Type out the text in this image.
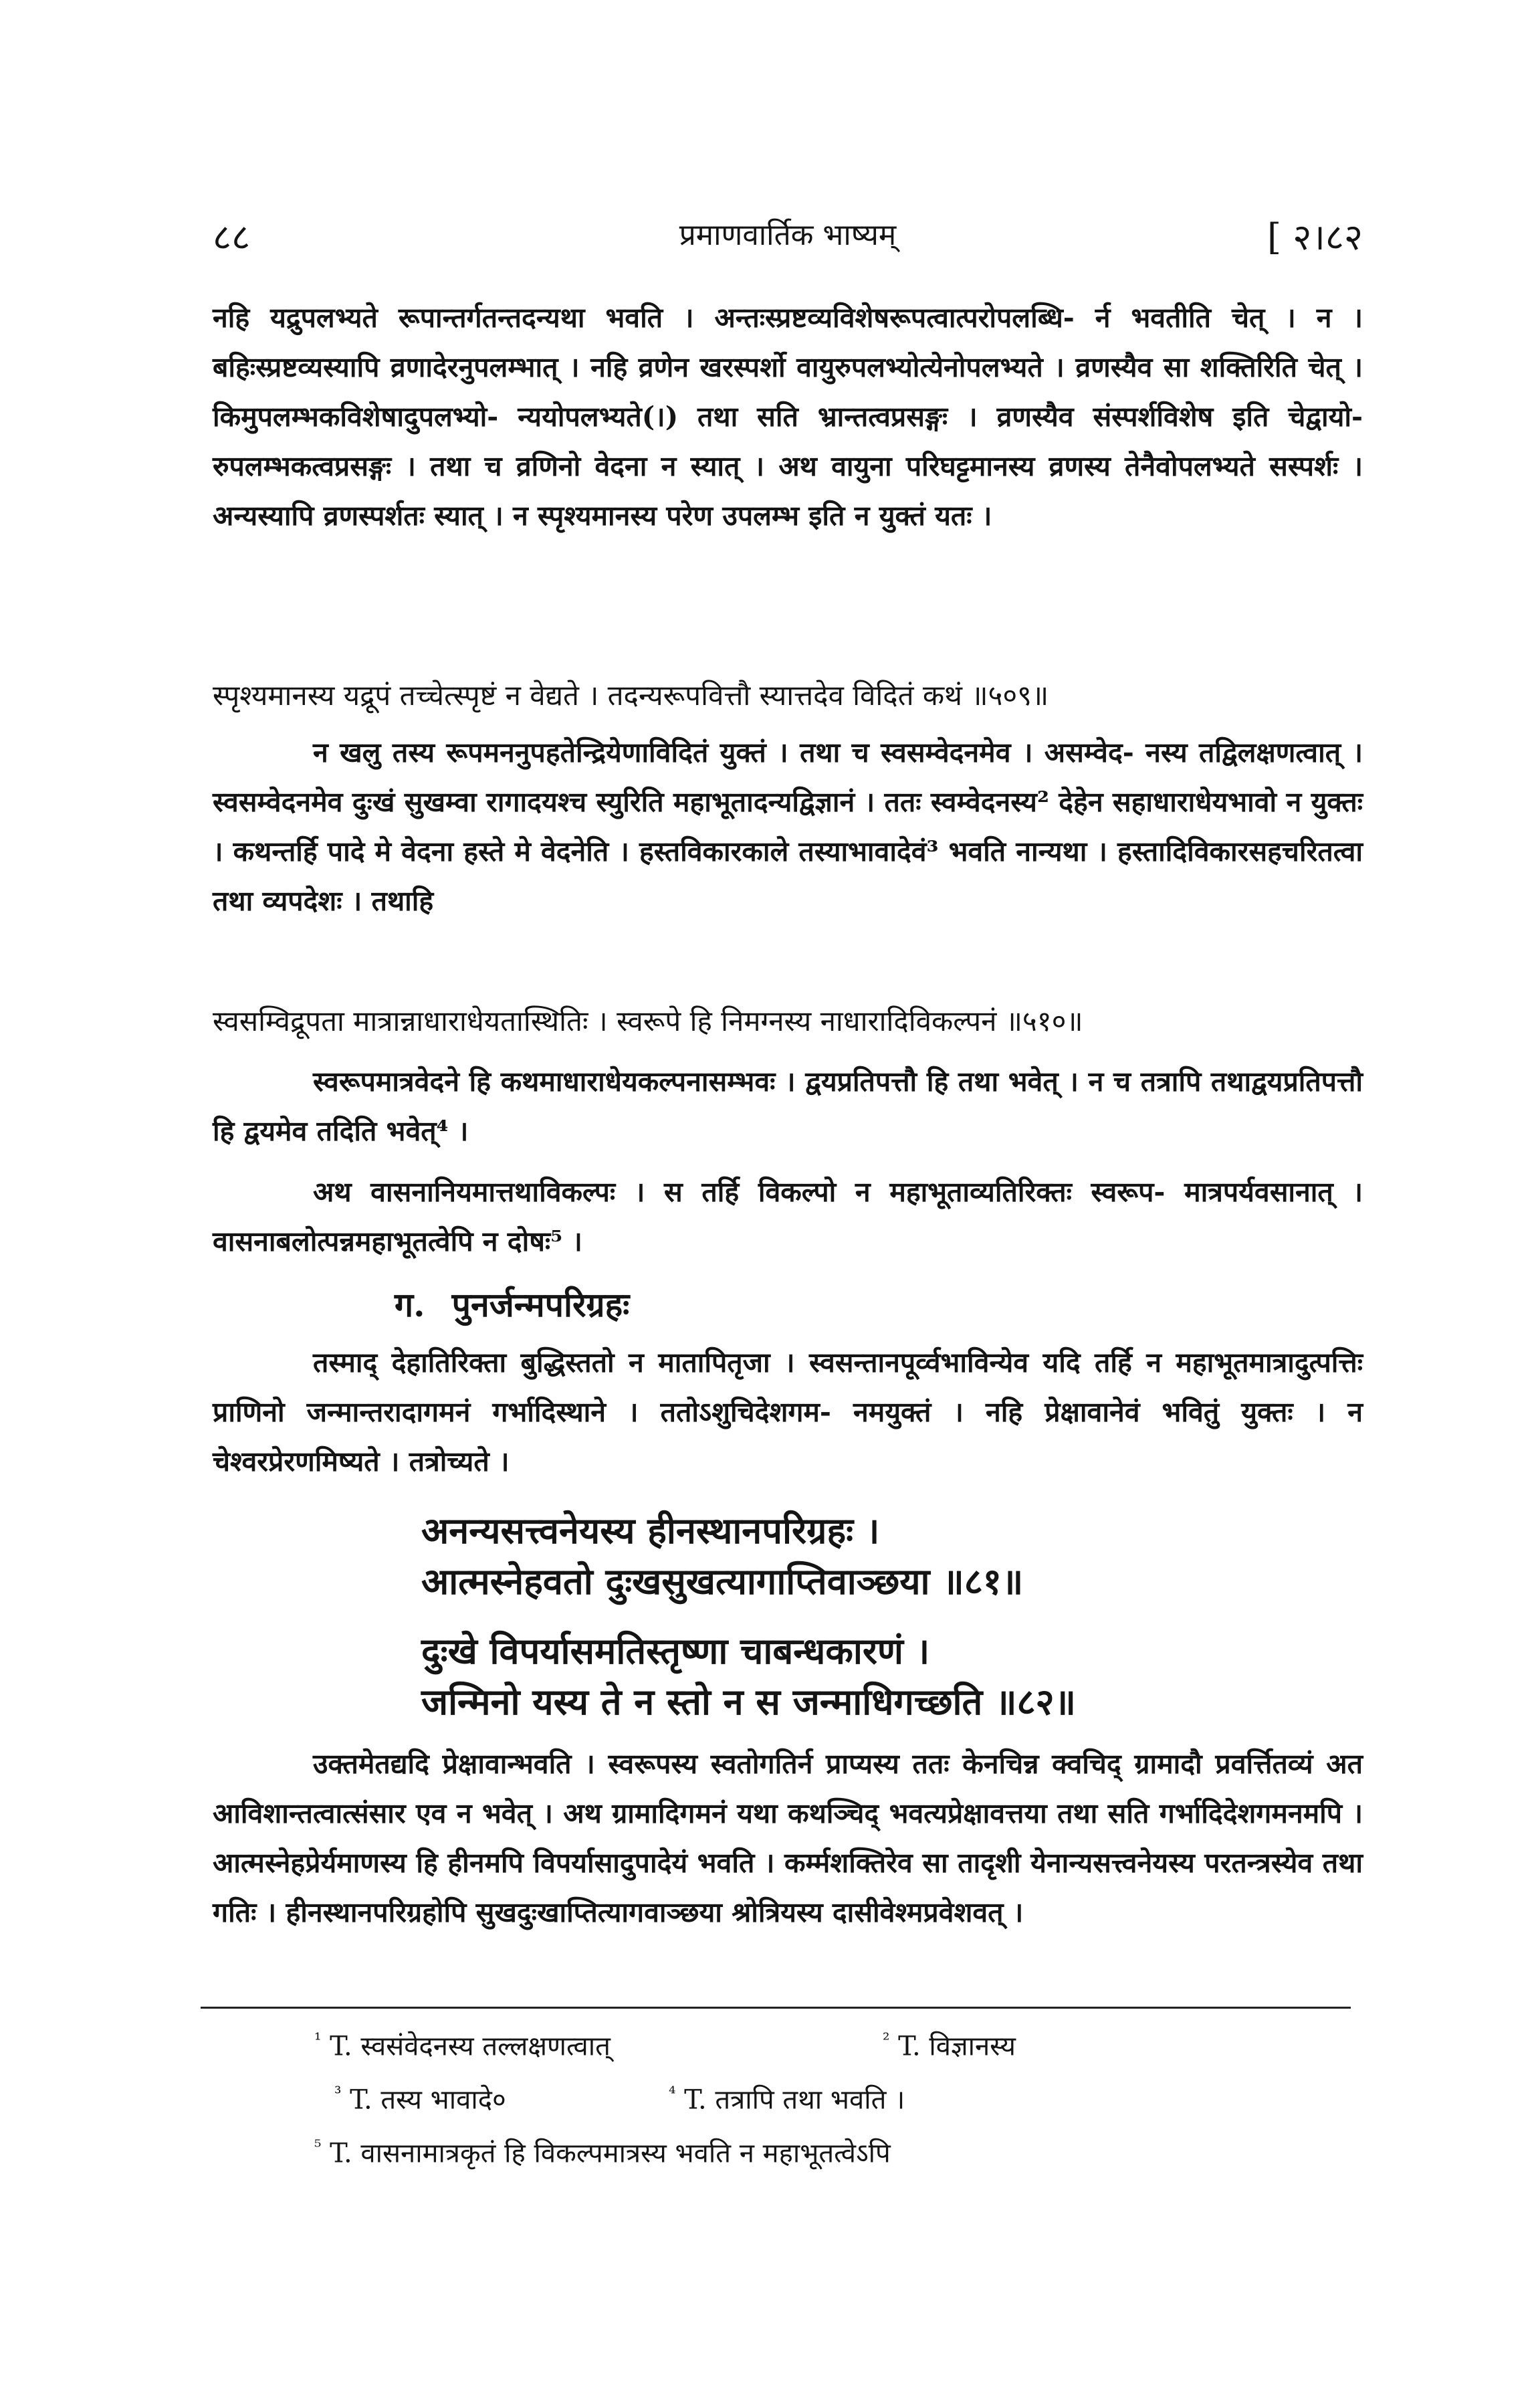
८८	प्रमाणवार्तिक भाष्यम्	[ २।८२
नहि यद्रुपलभ्यते रूपान्तर्गतन्तदन्यथा भवति । अन्तःस्प्रष्टव्यविशेषरूपत्वात्परोपलब्धि- र्न भवतीति चेत् । न । बहिःस्प्रष्टव्यस्यापि व्रणादेरनुपलम्भात् । नहि व्रणेन खरस्पर्शो वायुरुपलभ्योत्येनोपलभ्यते । व्रणस्यैव सा शक्तिरिति चेत् । किमुपलम्भकविशेषादुपलभ्यो- न्ययोपलभ्यते(।) तथा सति भ्रान्तत्वप्रसङ्गः । व्रणस्यैव संस्पर्शविशेष इति चेद्वायो- रुपलम्भकत्वप्रसङ्गः । तथा च व्रणिनो वेदना न स्यात् । अथ वायुना परिघट्टमानस्य व्रणस्य तेनैवोपलभ्यते सस्पर्शः । अन्यस्यापि व्रणस्पर्शतः स्यात् । न स्पृश्यमानस्य परेण उपलम्भ इति न युक्तं यतः ।
स्पृश्यमानस्य यद्रूपं तच्चेत्स्पृष्टं न वेद्यते । तदन्यरूपवित्तौ स्यात्तदेव विदितं कथं ॥५०९॥
न खलु तस्य रूपमननुपहतेन्द्रियेणाविदितं युक्तं । तथा च स्वसम्वेदनमेव । असम्वेद- नस्य तद्विलक्षणत्वात् । स्वसम्वेदनमेव दुःखं सुखम्वा रागादयश्च स्युरिति महाभूतादन्यद्विज्ञानं । ततः स्वम्वेदनस्य² देहेन सहाधाराधेयभावो न युक्तः । कथन्तर्हि पादे मे वेदना हस्ते मे वेदनेति । हस्तविकारकाले तस्याभावादेवं³ भवति नान्यथा । हस्तादिविकारसहचरितत्वा तथा व्यपदेशः । तथाहि
स्वसम्विद्रूपता मात्रान्नाधाराधेयतास्थितिः । स्वरूपे हि निमग्नस्य नाधारादिविकल्पनं ॥५१०॥
स्वरूपमात्रवेदने हि कथमाधाराधेयकल्पनासम्भवः । द्वयप्रतिपत्तौ हि तथा भवेत् । न च तत्रापि तथाद्वयप्रतिपत्तौ हि द्वयमेव तदिति भवेत्⁴ ।
अथ वासनानियमात्तथाविकल्पः । स तर्हि विकल्पो न महाभूताव्यतिरिक्तः स्वरूप- मात्रपर्यवसानात् । वासनाबलोत्पन्नमहाभूतत्वेपि न दोषः⁵ ।
ग. पुनर्जन्मपरिग्रहः
तस्माद् देहातिरिक्ता बुद्धिस्ततो न मातापितृजा । स्वसन्तानपूर्व्वभाविन्येव यदि तर्हि न महाभूतमात्रादुत्पत्तिः प्राणिनो जन्मान्तरादागमनं गर्भादिस्थाने । ततोऽशुचिदेशगम- नमयुक्तं । नहि प्रेक्षावानेवं भवितुं युक्तः । न चेश्वरप्रेरणमिष्यते । तत्रोच्यते ।
अनन्यसत्त्वनेयस्य हीनस्थानपरिग्रहः ।
आत्मस्नेहवतो दुःखसुखत्यागाप्तिवाञ्छया ॥८१॥
दुःखे विपर्यासमतिस्तृष्णा चाबन्धकारणं ।
जन्मिनो यस्य ते न स्तो न स जन्माधिगच्छति ॥८२॥
उक्तमेतद्यदि प्रेक्षावान्भवति । स्वरूपस्य स्वतोगतिर्न प्राप्यस्य ततः केनचिन्न क्वचिद् ग्रामादौ प्रवर्त्तितव्यं अत आविशान्तत्वात्संसार एव न भवेत् । अथ ग्रामादिगमनं यथा कथञ्चिद् भवत्यप्रेक्षावत्तया तथा सति गर्भादिदेशगमनमपि । आत्मस्नेहप्रेर्यमाणस्य हि हीनमपि विपर्यासादुपादेयं भवति । कर्म्मशक्तिरेव सा तादृशी येनान्यसत्त्वनेयस्य परतन्त्रस्येव तथा गतिः । हीनस्थानपरिग्रहोपि सुखदुःखाप्तित्यागवाञ्छया श्रोत्रियस्य दासीवेश्मप्रवेशवत् ।
$^{^1}$ T. स्वसंवेदनस्य तल्लक्षणत्वात्	$^{^2}$ T. विज्ञानस्य
$^{^3}$ T. तस्य भावादे०	$^{^4}$ T. तत्रापि तथा भवति ।
$^{^5}$ T. वासनामात्रकृतं हि विकल्पमात्रस्य भवति न महाभूतत्वेऽपि
